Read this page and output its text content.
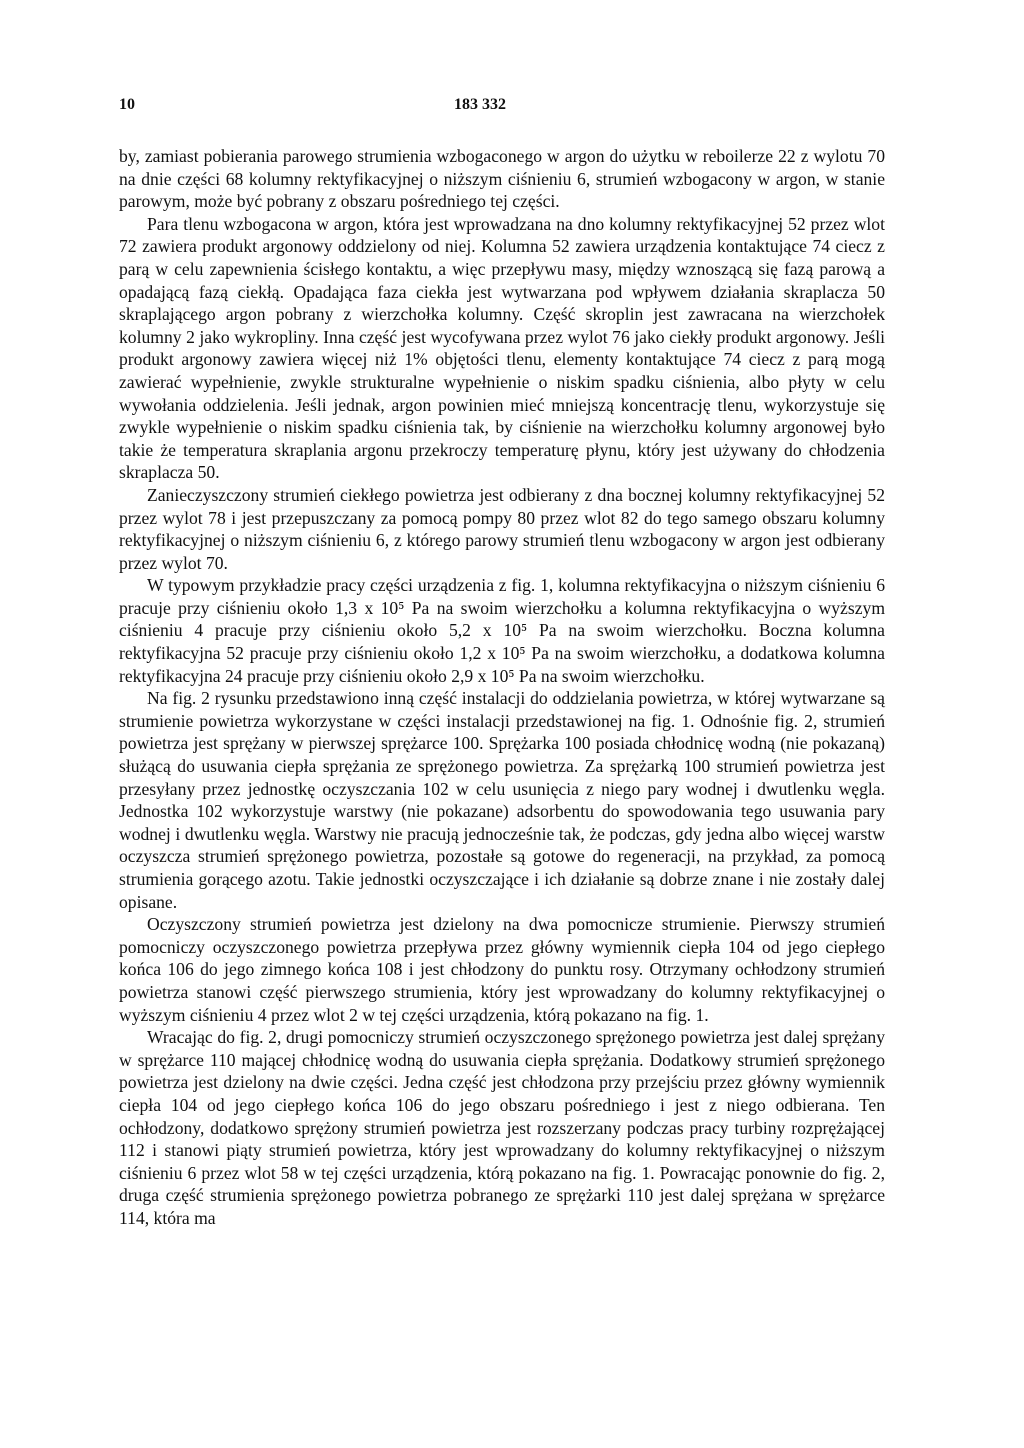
10	183 332

by, zamiast pobierania parowego strumienia wzbogaconego w argon do użytku w reboilerze 22 z wylotu 70 na dnie części 68 kolumny rektyfikacyjnej o niższym ciśnieniu 6, strumień wzbogacony w argon, w stanie parowym, może być pobrany z obszaru pośredniego tej części.

Para tlenu wzbogacona w argon, która jest wprowadzana na dno kolumny rektyfikacyjnej 52 przez wlot 72 zawiera produkt argonowy oddzielony od niej. Kolumna 52 zawiera urządzenia kontaktujące 74 ciecz z parą w celu zapewnienia ścisłego kontaktu, a więc przepływu masy, między wznoszącą się fazą parową a opadającą fazą ciekłą. Opadająca faza ciekła jest wytwarzana pod wpływem działania skraplacza 50 skraplającego argon pobrany z wierzchołka kolumny. Część skroplin jest zawracana na wierzchołek kolumny 2 jako wykropliny. Inna część jest wycofywana przez wylot 76 jako ciekły produkt argonowy. Jeśli produkt argonowy zawiera więcej niż 1% objętości tlenu, elementy kontaktujące 74 ciecz z parą mogą zawierać wypełnienie, zwykle strukturalne wypełnienie o niskim spadku ciśnienia, albo płyty w celu wywołania oddzielenia. Jeśli jednak, argon powinien mieć mniejszą koncentrację tlenu, wykorzystuje się zwykle wypełnienie o niskim spadku ciśnienia tak, by ciśnienie na wierzchołku kolumny argonowej było takie że temperatura skraplania argonu przekroczy temperaturę płynu, który jest używany do chłodzenia skraplacza 50.

Zanieczyszczony strumień ciekłego powietrza jest odbierany z dna bocznej kolumny rektyfikacyjnej 52 przez wylot 78 i jest przepuszczany za pomocą pompy 80 przez wlot 82 do tego samego obszaru kolumny rektyfikacyjnej o niższym ciśnieniu 6, z którego parowy strumień tlenu wzbogacony w argon jest odbierany przez wylot 70.

W typowym przykładzie pracy części urządzenia z fig. 1, kolumna rektyfikacyjna o niższym ciśnieniu 6 pracuje przy ciśnieniu około 1,3 x 10⁵ Pa na swoim wierzchołku a kolumna rektyfikacyjna o wyższym ciśnieniu 4 pracuje przy ciśnieniu około 5,2 x 10⁵ Pa na swoim wierzchołku. Boczna kolumna rektyfikacyjna 52 pracuje przy ciśnieniu około 1,2 x 10⁵ Pa na swoim wierzchołku, a dodatkowa kolumna rektyfikacyjna 24 pracuje przy ciśnieniu około 2,9 x 10⁵ Pa na swoim wierzchołku.

Na fig. 2 rysunku przedstawiono inną część instalacji do oddzielania powietrza, w której wytwarzane są strumienie powietrza wykorzystane w części instalacji przedstawionej na fig. 1. Odnośnie fig. 2, strumień powietrza jest sprężany w pierwszej sprężarce 100. Sprężarka 100 posiada chłodnicę wodną (nie pokazaną) służącą do usuwania ciepła sprężania ze sprężonego powietrza. Za sprężarką 100 strumień powietrza jest przesyłany przez jednostkę oczyszczania 102 w celu usunięcia z niego pary wodnej i dwutlenku węgla. Jednostka 102 wykorzystuje warstwy (nie pokazane) adsorbentu do spowodowania tego usuwania pary wodnej i dwutlenku węgla. Warstwy nie pracują jednocześnie tak, że podczas, gdy jedna albo więcej warstw oczyszcza strumień sprężonego powietrza, pozostałe są gotowe do regeneracji, na przykład, za pomocą strumienia gorącego azotu. Takie jednostki oczyszczające i ich działanie są dobrze znane i nie zostały dalej opisane.

Oczyszczony strumień powietrza jest dzielony na dwa pomocnicze strumienie. Pierwszy strumień pomocniczy oczyszczonego powietrza przepływa przez główny wymiennik ciepła 104 od jego ciepłego końca 106 do jego zimnego końca 108 i jest chłodzony do punktu rosy. Otrzymany ochłodzony strumień powietrza stanowi część pierwszego strumienia, który jest wprowadzany do kolumny rektyfikacyjnej o wyższym ciśnieniu 4 przez wlot 2 w tej części urządzenia, którą pokazano na fig. 1.

Wracając do fig. 2, drugi pomocniczy strumień oczyszczonego sprężonego powietrza jest dalej sprężany w sprężarce 110 mającej chłodnicę wodną do usuwania ciepła sprężania. Dodatkowy strumień sprężonego powietrza jest dzielony na dwie części. Jedna część jest chłodzona przy przejściu przez główny wymiennik ciepła 104 od jego ciepłego końca 106 do jego obszaru pośredniego i jest z niego odbierana. Ten ochłodzony, dodatkowo sprężony strumień powietrza jest rozszerzany podczas pracy turbiny rozprężającej 112 i stanowi piąty strumień powietrza, który jest wprowadzany do kolumny rektyfikacyjnej o niższym ciśnieniu 6 przez wlot 58 w tej części urządzenia, którą pokazano na fig. 1. Powracając ponownie do fig. 2, druga część strumienia sprężonego powietrza pobranego ze sprężarki 110 jest dalej sprężana w sprężarce 114, która ma
